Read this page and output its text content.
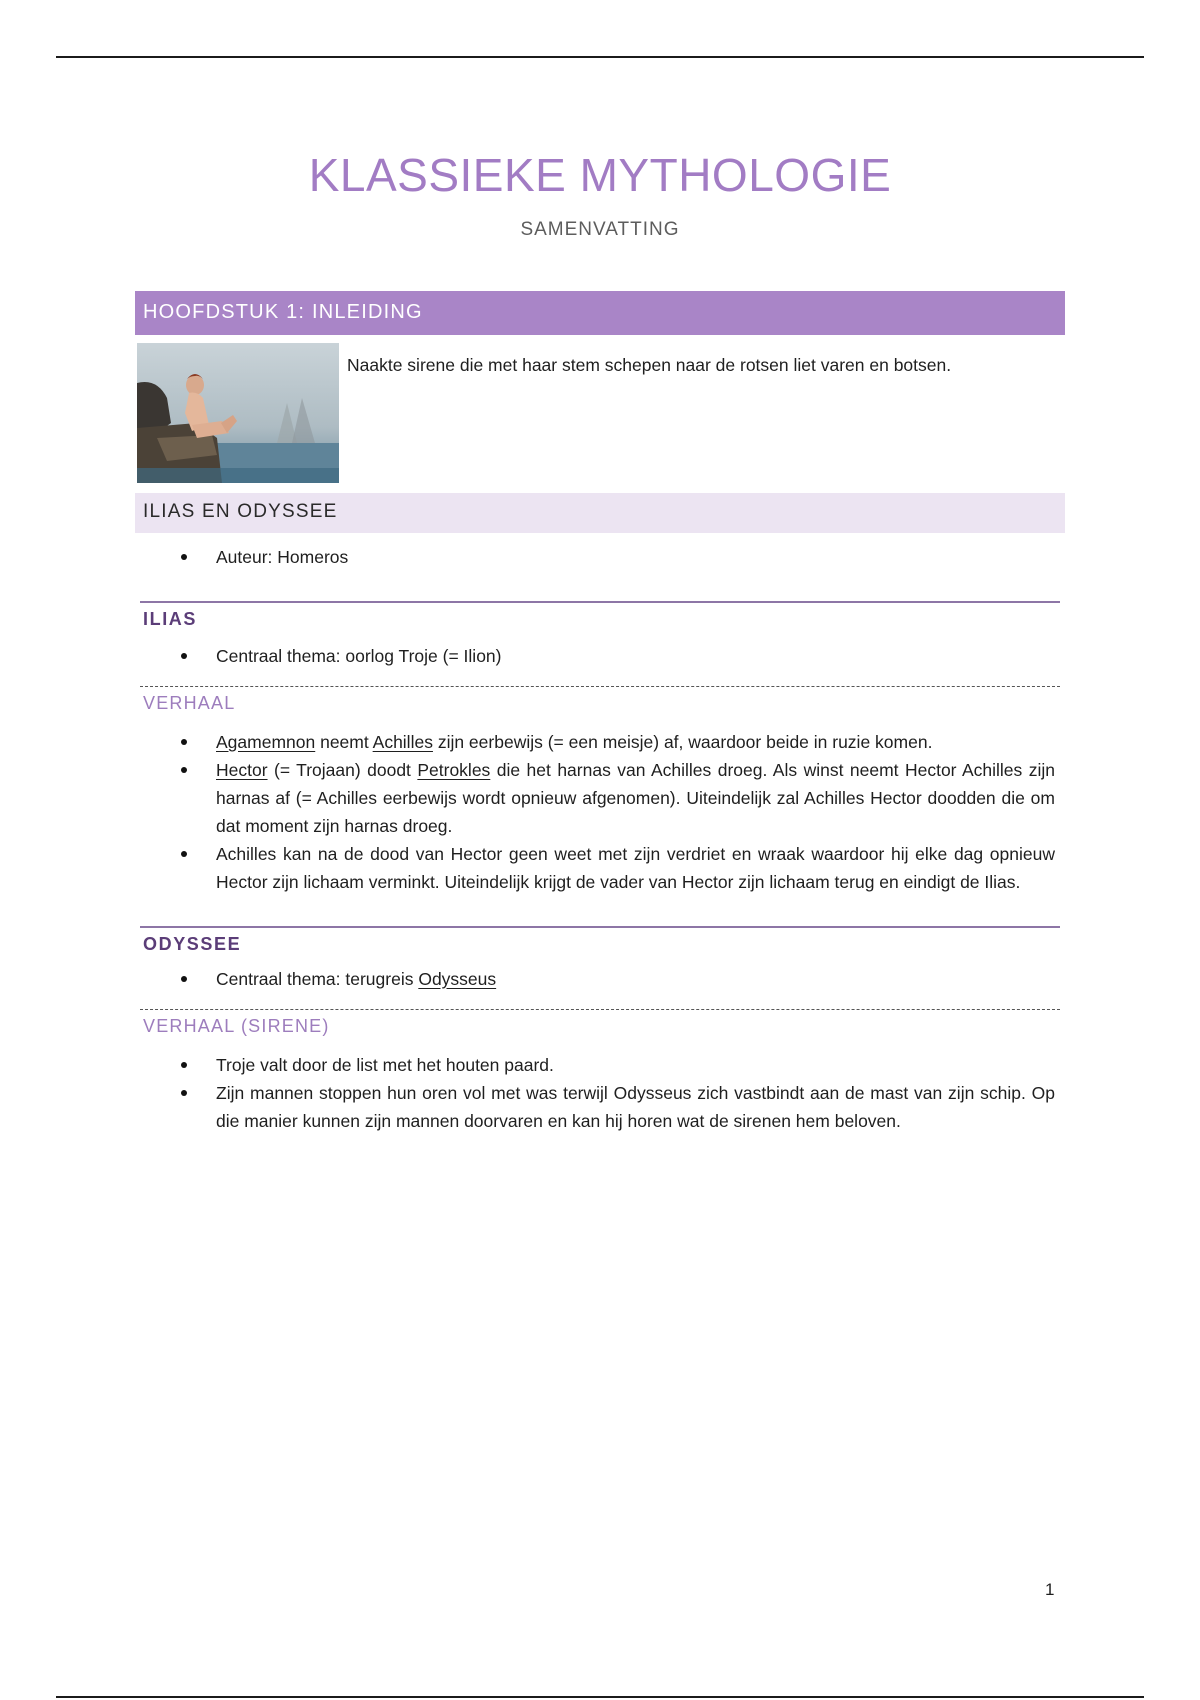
KLASSIEKE MYTHOLOGIE
SAMENVATTING
HOOFDSTUK 1: INLEIDING
Naakte sirene die met haar stem schepen naar de rotsen liet varen en botsen.
ILIAS EN ODYSSEE
Auteur: Homeros
ILIAS
Centraal thema: oorlog Troje (= Ilion)
VERHAAL
Agamemnon neemt Achilles zijn eerbewijs (= een meisje) af, waardoor beide in ruzie komen.
Hector (= Trojaan) doodt Petrokles die het harnas van Achilles droeg. Als winst neemt Hector Achilles zijn harnas af (= Achilles eerbewijs wordt opnieuw afgenomen). Uiteindelijk zal Achilles Hector doodden die om dat moment zijn harnas droeg.
Achilles kan na de dood van Hector geen weet met zijn verdriet en wraak waardoor hij elke dag opnieuw Hector zijn lichaam verminkt. Uiteindelijk krijgt de vader van Hector zijn lichaam terug en eindigt de Ilias.
ODYSSEE
Centraal thema: terugreis Odysseus
VERHAAL (SIRENE)
Troje valt door de list met het houten paard.
Zijn mannen stoppen hun oren vol met was terwijl Odysseus zich vastbindt aan de mast van zijn schip. Op die manier kunnen zijn mannen doorvaren en kan hij horen wat de sirenen hem beloven.
1
